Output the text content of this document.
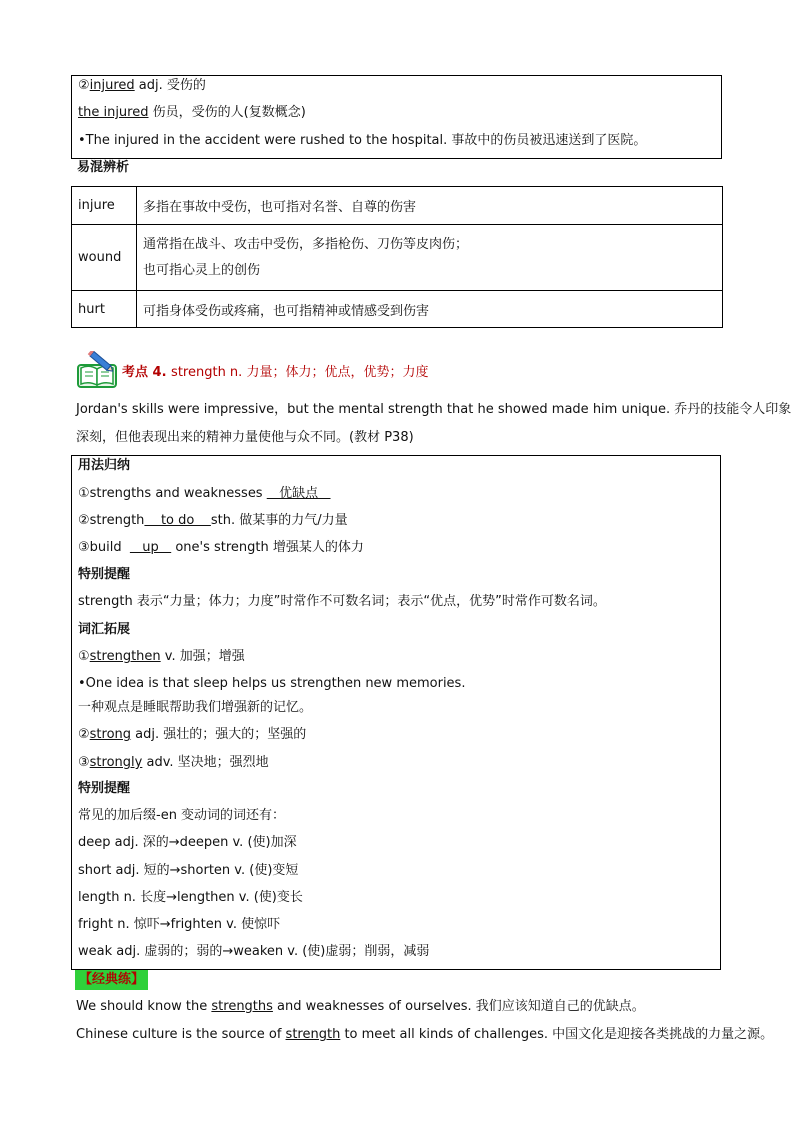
②injured adj. 受伤的
the injured 伤员，受伤的人(复数概念)
•The injured in the accident were rushed to the hospital. 事故中的伤员被迅速送到了医院。
易混辨析
injure	多指在事故中受伤，也可指对名誉、自尊的伤害
wound	通常指在战斗、攻击中受伤，多指枪伤、刀伤等皮肉伤；
也可指心灵上的创伤

hurt	可指身体受伤或疼痛，也可指精神或情感受到伤害
考点 4. strength n. 力量；体力；优点，优势；力度
Jordan's skills were impressive，but the mental strength that he showed made him unique. 乔丹的技能令人印象
深刻，但他表现出来的精神力量使他与众不同。(教材 P38)
用法归纳
①strengths and weaknesses    优缺点
②strength    to do    sth. 做某事的力气/力量
③build     up    one's strength 增强某人的体力
特别提醒
strength 表示“力量；体力；力度”时常作不可数名词；表示“优点，优势”时常作可数名词。
词汇拓展
①strengthen v. 加强；增强
•One idea is that sleep helps us strengthen new memories.
一种观点是睡眠帮助我们增强新的记忆。
②strong adj. 强壮的；强大的；坚强的
③strongly adv. 坚决地；强烈地
特别提醒
常见的加后缀-en 变动词的词还有：
deep adj. 深的→deepen v. (使)加深
short adj. 短的→shorten v. (使)变短
length n. 长度→lengthen v. (使)变长
fright n. 惊吓→frighten v. 使惊吓
weak adj. 虚弱的；弱的→weaken v. (使)虚弱；削弱，减弱
【经典练】
We should know the strengths and weaknesses of ourselves. 我们应该知道自己的优缺点。
Chinese culture is the source of strength to meet all kinds of challenges. 中国文化是迎接各类挑战的力量之源。
